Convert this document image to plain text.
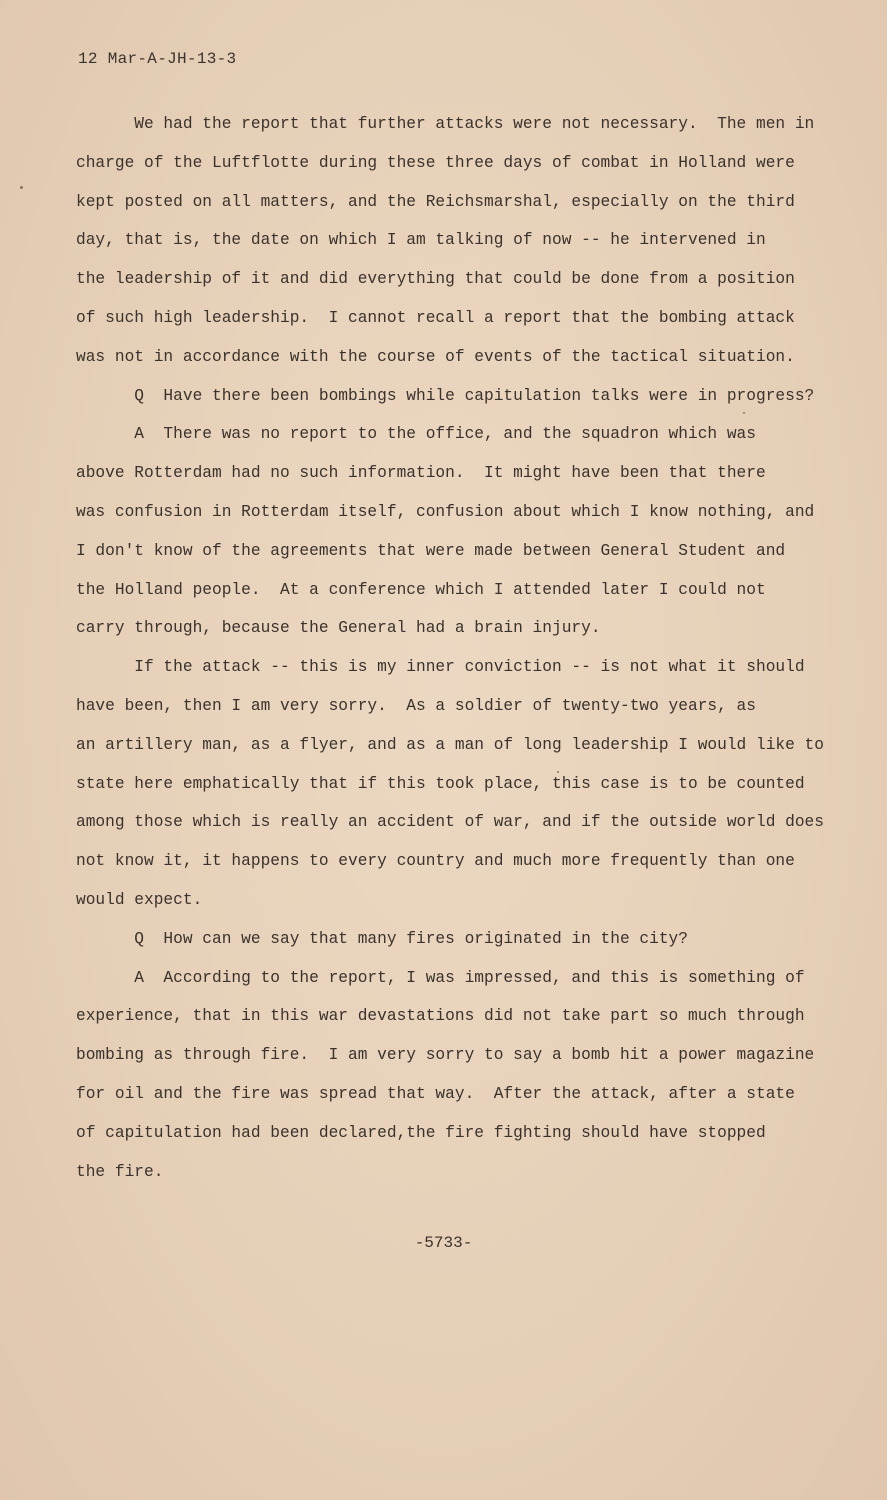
12 Mar-A-JH-13-3
We had the report that further attacks were not necessary.  The men in
charge of the Luftflotte during these three days of combat in Holland were
kept posted on all matters, and the Reichsmarshal, especially on the third
day, that is, the date on which I am talking of now -- he intervened in
the leadership of it and did everything that could be done from a position
of such high leadership.  I cannot recall a report that the bombing attack
was not in accordance with the course of events of the tactical situation.
Q  Have there been bombings while capitulation talks were in progress?
A  There was no report to the office, and the squadron which was
above Rotterdam had no such information.  It might have been that there
was confusion in Rotterdam itself, confusion about which I know nothing, and
I don't know of the agreements that were made between General Student and
the Holland people.  At a conference which I attended later I could not
carry through, because the General had a brain injury.
If the attack -- this is my inner conviction -- is not what it should
have been, then I am very sorry.  As a soldier of twenty-two years, as
an artillery man, as a flyer, and as a man of long leadership I would like to
state here emphatically that if this took place, this case is to be counted
among those which is really an accident of war, and if the outside world does
not know it, it happens to every country and much more frequently than one
would expect.
Q  How can we say that many fires originated in the city?
A  According to the report, I was impressed, and this is something of
experience, that in this war devastations did not take part so much through
bombing as through fire.  I am very sorry to say a bomb hit a power magazine
for oil and the fire was spread that way.  After the attack, after a state
of capitulation had been declared,the fire fighting should have stopped
the fire.
-5733-
